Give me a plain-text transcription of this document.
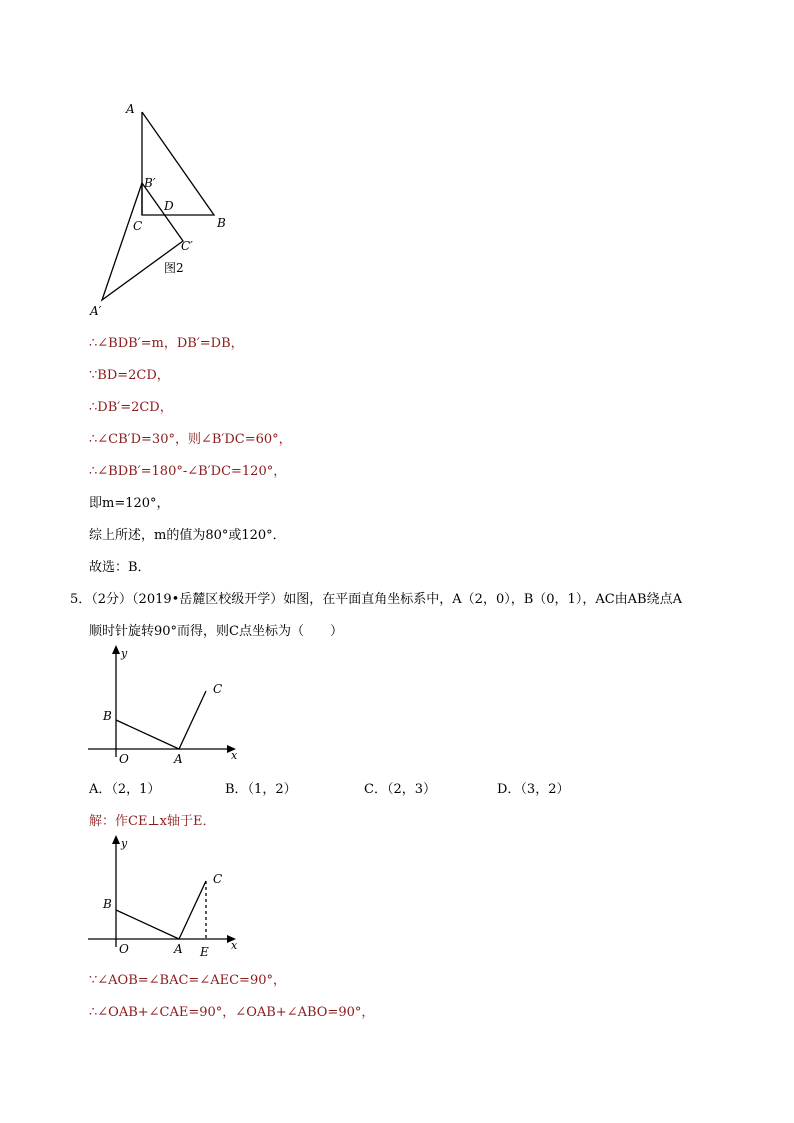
A
B′
D
B
C
C′
图2
A′
∴∠BDB′=m，DB′=DB，
∵BD=2CD，
∴DB′=2CD，
∴∠CB′D=30°，则∠B′DC=60°，
∴∠BDB′=180°-∠B′DC=120°，
即m=120°，
综上所述，m的值为80°或120°．
故选：B．
5．（2分）（2019•岳麓区校级开学）如图，在平面直角坐标系中，A（2，0），B（0，1），AC由AB绕点A
顺时针旋转90°而得，则C点坐标为（　　）
y
C
B
O	A	x
A．（2，1）	B．（1，2）	C．（2，3）	D．（3，2）
解：作CE⊥x轴于E．
y
C
B
O	A E x
∵∠AOB=∠BAC=∠AEC=90°，
∴∠OAB+∠CAE=90°，∠OAB+∠ABO=90°，
